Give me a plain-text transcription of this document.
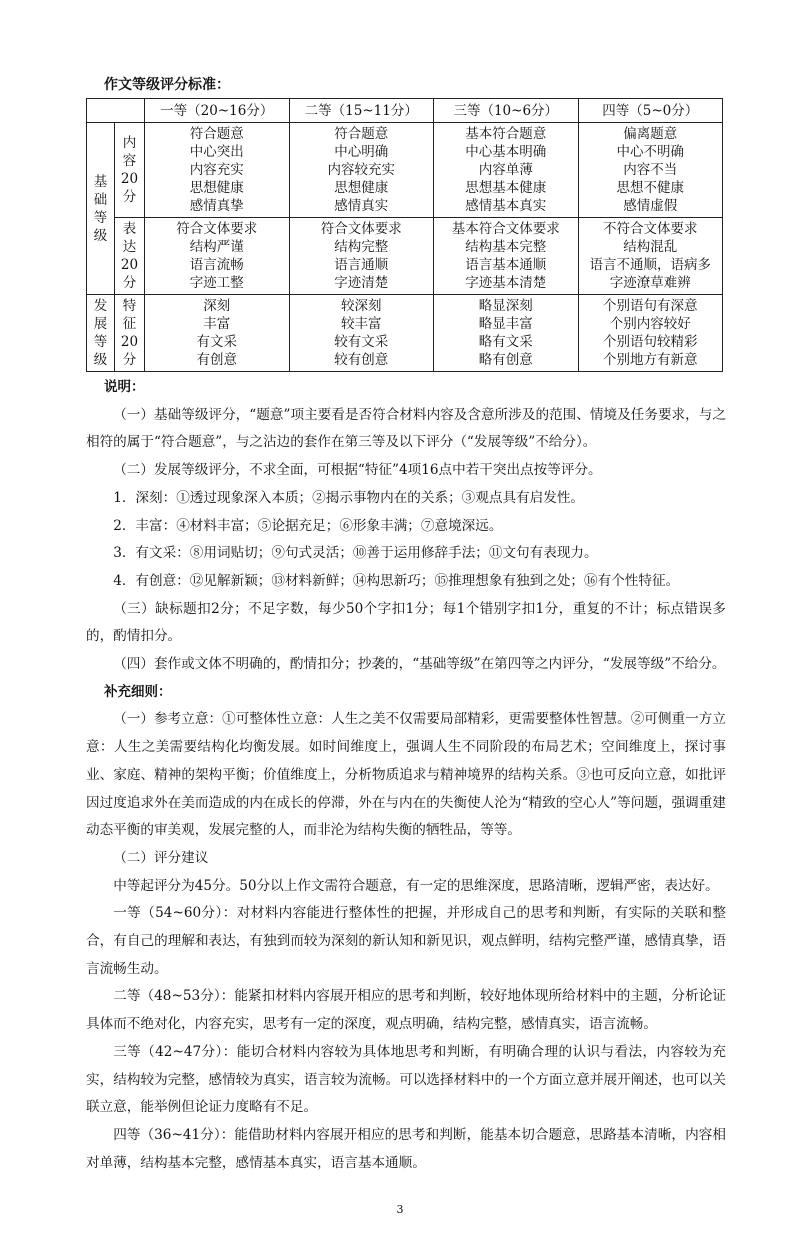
作文等级评分标准：
		一等（20~16分）	二等（15~11分）	三等（10~6分）	四等（5~0分）

基
础
等
级	内
容
20
分	符合题意
中心突出
内容充实
思想健康
感情真挚	符合题意
中心明确
内容较充实
思想健康
感情真实	基本符合题意
中心基本明确
内容单薄
思想基本健康
感情基本真实	偏离题意
中心不明确
内容不当
思想不健康
感情虚假

	表
达
20
分	符合文体要求
结构严谨
语言流畅
字迹工整	符合文体要求
结构完整
语言通顺
字迹清楚	基本符合文体要求
结构基本完整
语言基本通顺
字迹基本清楚	不符合文体要求
结构混乱
语言不通顺，语病多
字迹潦草难辨

发
展
等
级	特
征
20
分	深刻
丰富
有文采
有创意	较深刻
较丰富
较有文采
较有创意	略显深刻
略显丰富
略有文采
略有创意	个别语句有深意
个别内容较好
个别语句较精彩
个别地方有新意

说明：

（一）基础等级评分，“题意”项主要看是否符合材料内容及含意所涉及的范围、情境及任务要求，与之相符的属于“符合题意”，与之沾边的套作在第三等及以下评分（“发展等级”不给分）。

（二）发展等级评分，不求全面，可根据“特征”4项16点中若干突出点按等评分。

1．深刻：①透过现象深入本质；②揭示事物内在的关系；③观点具有启发性。

2．丰富：④材料丰富；⑤论据充足；⑥形象丰满；⑦意境深远。

3．有文采：⑧用词贴切；⑨句式灵活；⑩善于运用修辞手法；⑪文句有表现力。

4．有创意：⑫见解新颖；⑬材料新鲜；⑭构思新巧；⑮推理想象有独到之处；⑯有个性特征。

（三）缺标题扣2分；不足字数，每少50个字扣1分；每1个错别字扣1分，重复的不计；标点错误多的，酌情扣分。

（四）套作或文体不明确的，酌情扣分；抄袭的，“基础等级”在第四等之内评分，“发展等级”不给分。

补充细则：

（一）参考立意：①可整体性立意：人生之美不仅需要局部精彩，更需要整体性智慧。②可侧重一方立意：人生之美需要结构化均衡发展。如时间维度上，强调人生不同阶段的布局艺术；空间维度上，探讨事业、家庭、精神的架构平衡；价值维度上，分析物质追求与精神境界的结构关系。③也可反向立意，如批评因过度追求外在美而造成的内在成长的停滞，外在与内在的失衡使人沦为“精致的空心人”等问题，强调重建动态平衡的审美观，发展完整的人，而非沦为结构失衡的牺牲品，等等。

（二）评分建议

中等起评分为45分。50分以上作文需符合题意，有一定的思维深度，思路清晰，逻辑严密，表达好。

一等（54~60分）：对材料内容能进行整体性的把握，并形成自己的思考和判断，有实际的关联和整合，有自己的理解和表达，有独到而较为深刻的新认知和新见识，观点鲜明，结构完整严谨，感情真挚，语言流畅生动。

二等（48~53分）：能紧扣材料内容展开相应的思考和判断，较好地体现所给材料中的主题，分析论证具体而不绝对化，内容充实，思考有一定的深度，观点明确，结构完整，感情真实，语言流畅。

三等（42~47分）：能切合材料内容较为具体地思考和判断，有明确合理的认识与看法，内容较为充实，结构较为完整，感情较为真实，语言较为流畅。可以选择材料中的一个方面立意并展开阐述，也可以关联立意，能举例但论证力度略有不足。

四等（36~41分）：能借助材料内容展开相应的思考和判断，能基本切合题意，思路基本清晰，内容相对单薄，结构基本完整，感情基本真实，语言基本通顺。

3
